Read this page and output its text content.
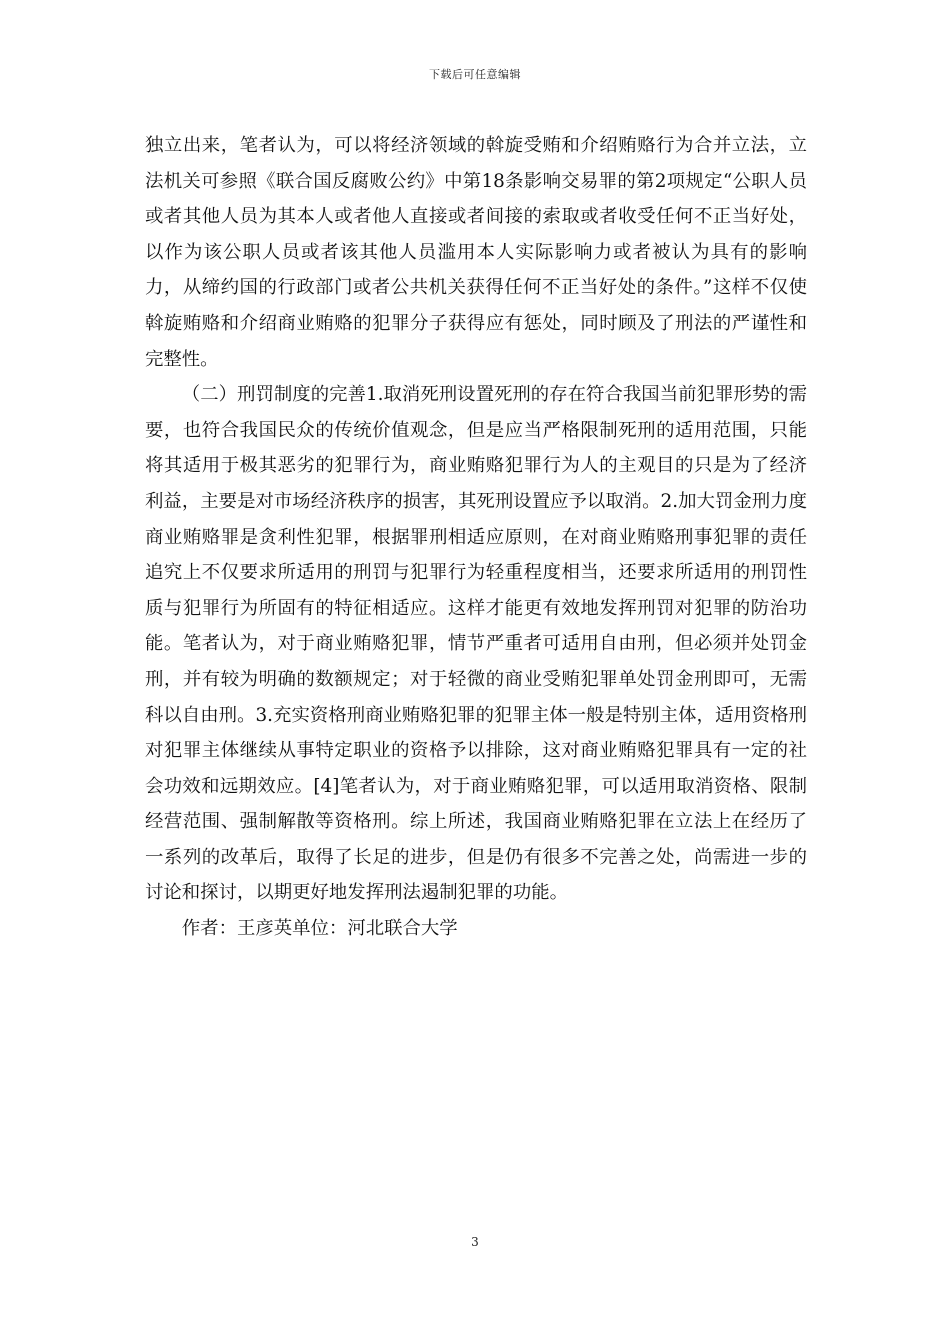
下载后可任意编辑

独立出来，笔者认为，可以将经济领域的斡旋受贿和介绍贿赂行为合并立法，立法机关可参照《联合国反腐败公约》中第18条影响交易罪的第2项规定“公职人员或者其他人员为其本人或者他人直接或者间接的索取或者收受任何不正当好处，以作为该公职人员或者该其他人员滥用本人实际影响力或者被认为具有的影响力，从缔约国的行政部门或者公共机关获得任何不正当好处的条件。”这样不仅使斡旋贿赂和介绍商业贿赂的犯罪分子获得应有惩处，同时顾及了刑法的严谨性和完整性。

（二）刑罚制度的完善1.取消死刑设置死刑的存在符合我国当前犯罪形势的需要，也符合我国民众的传统价值观念，但是应当严格限制死刑的适用范围，只能将其适用于极其恶劣的犯罪行为，商业贿赂犯罪行为人的主观目的只是为了经济利益，主要是对市场经济秩序的损害，其死刑设置应予以取消。2.加大罚金刑力度商业贿赂罪是贪利性犯罪，根据罪刑相适应原则，在对商业贿赂刑事犯罪的责任追究上不仅要求所适用的刑罚与犯罪行为轻重程度相当，还要求所适用的刑罚性质与犯罪行为所固有的特征相适应。这样才能更有效地发挥刑罚对犯罪的防治功能。笔者认为，对于商业贿赂犯罪，情节严重者可适用自由刑，但必须并处罚金刑，并有较为明确的数额规定；对于轻微的商业受贿犯罪单处罚金刑即可，无需科以自由刑。3.充实资格刑商业贿赂犯罪的犯罪主体一般是特别主体，适用资格刑对犯罪主体继续从事特定职业的资格予以排除，这对商业贿赂犯罪具有一定的社会功效和远期效应。[4]笔者认为，对于商业贿赂犯罪，可以适用取消资格、限制经营范围、强制解散等资格刑。综上所述，我国商业贿赂犯罪在立法上在经历了一系列的改革后，取得了长足的进步，但是仍有很多不完善之处，尚需进一步的讨论和探讨，以期更好地发挥刑法遏制犯罪的功能。

作者：王彦英单位：河北联合大学

3
